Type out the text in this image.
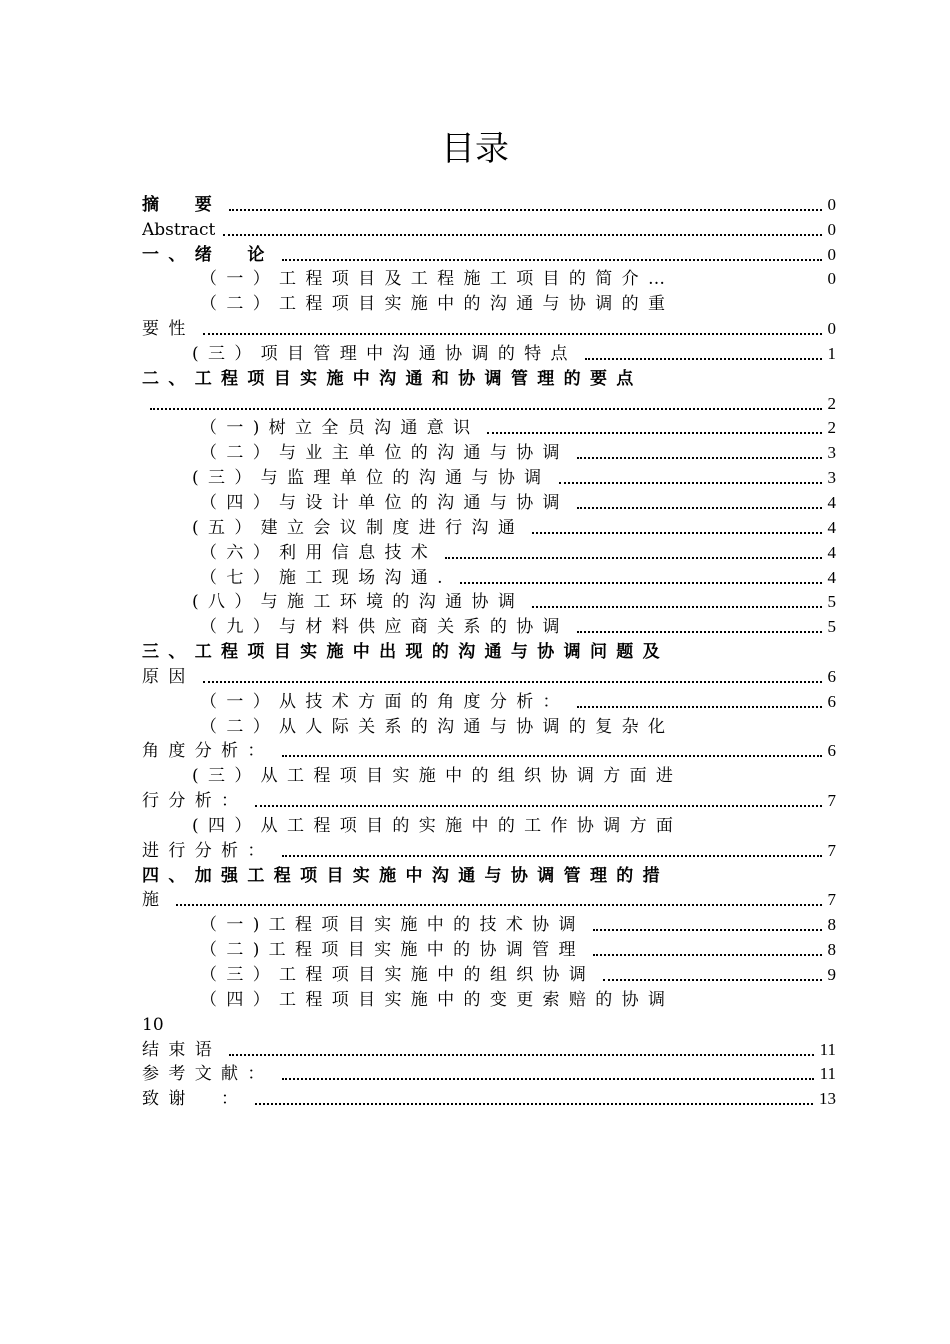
目录
摘　要	0
Abstract	0
一、绪　论	0
（一）工程项目及工程施工项目的简介…	0
（二）工程项目实施中的沟通与协调的重
要性	0
(三）项目管理中沟通协调的特点	1
二、工程项目实施中沟通和协调管理的要点
2
（一)树立全员沟通意识	2
（二）与业主单位的沟通与协调	3
(三）与监理单位的沟通与协调	3
（四）与设计单位的沟通与协调	4
(五）建立会议制度进行沟通	4
（六）利用信息技术	4
（七）施工现场沟通.	4
(八）与施工环境的沟通协调	5
（九）与材料供应商关系的协调	5
三、工程项目实施中出现的沟通与协调问题及
原因	6
（一）从技术方面的角度分析：	6
（二）从人际关系的沟通与协调的复杂化
角度分析：	6
(三）从工程项目实施中的组织协调方面进
行分析：	7
(四）从工程项目的实施中的工作协调方面
进行分析：	7
四、加强工程项目实施中沟通与协调管理的措
施	7
（一)工程项目实施中的技术协调	8
（二)工程项目实施中的协调管理	8
（三）工程项目实施中的组织协调	9
（四）工程项目实施中的变更索赔的协调
10
结束语	11
参考文献：	11
致谢　：	13
